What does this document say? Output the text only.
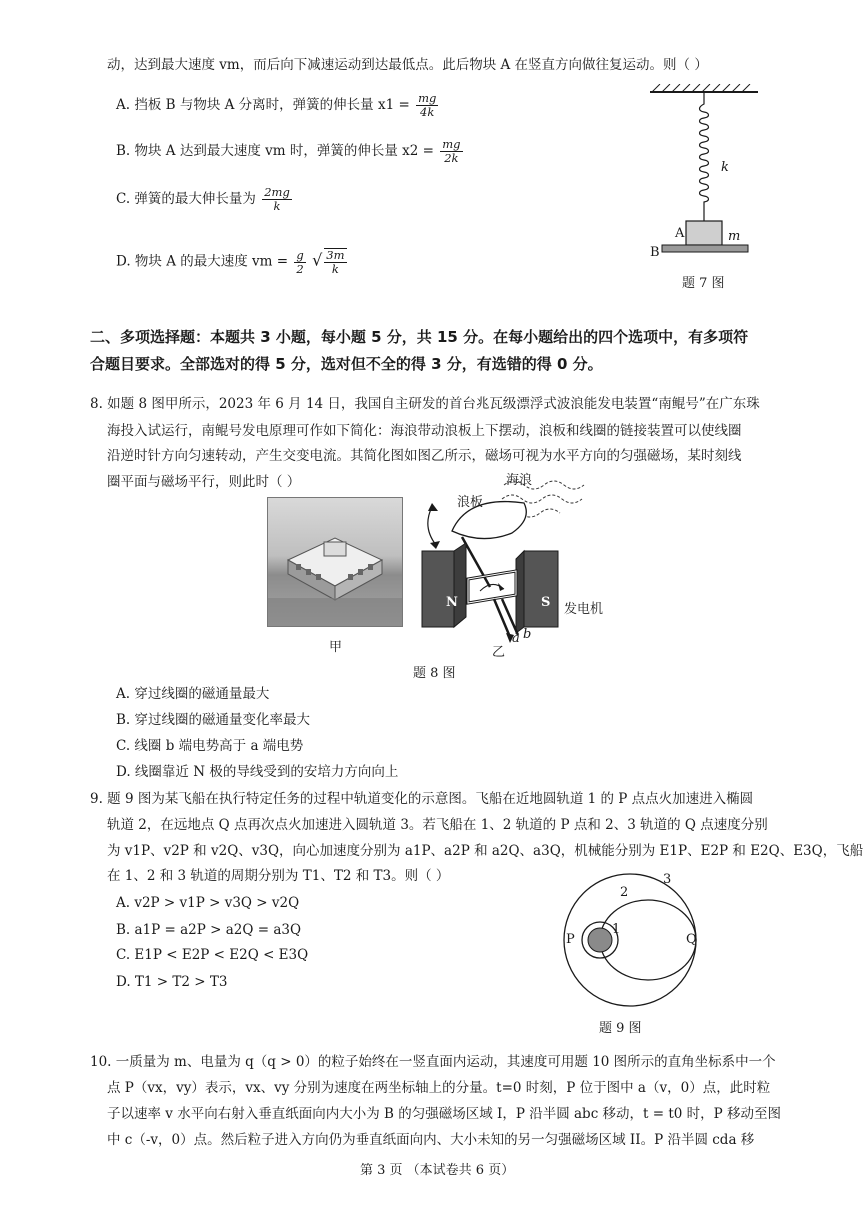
动，达到最大速度 vm，而后向下减速运动到达最低点。此后物块 A 在竖直方向做往复运动。则（ ）
A. 挡板 B 与物块 A 分离时，弹簧的伸长量 $x1 = \frac{mg}{4k}$
B. 物块 A 达到最大速度 vm 时，弹簧的伸长量 $x2 = \frac{mg}{2k}$
C. 弹簧的最大伸长量为 $\frac{2mg}{k}$
D. 物块 A 的最大速度 vm = $\frac{g}{2}$ √ $\frac{3m}{k}$
k
A	m
B
题 7 图
二、多项选择题：本题共 3 小题，每小题 5 分，共 15 分。在每小题给出的四个选项中，有多项符
合题目要求。全部选对的得 5 分，选对但不全的得 3 分，有选错的得 0 分。
8. 如题 8 图甲所示，2023 年 6 月 14 日，我国自主研发的首台兆瓦级漂浮式波浪能发电装置“南鲲号”在广东珠
海投入试运行，南鲲号发电原理可作如下简化：海浪带动浪板上下摆动，浪板和线圈的链接装置可以使线圈
沿逆时针方向匀速转动，产生交变电流。其简化图如图乙所示，磁场可视为水平方向的匀强磁场，某时刻线
圈平面与磁场平行，则此时（ ）	海浪
浪板
N	S 发电机
a b
甲	乙
题 8 图
A. 穿过线圈的磁通量最大
B. 穿过线圈的磁通量变化率最大
C. 线圈 b 端电势高于 a 端电势
D. 线圈靠近 N 极的导线受到的安培力方向向上
9. 题 9 图为某飞船在执行特定任务的过程中轨道变化的示意图。飞船在近地圆轨道 1 的 P 点点火加速进入椭圆
轨道 2，在远地点 Q 点再次点火加速进入圆轨道 3。若飞船在 1、2 轨道的 P 点和 2、3 轨道的 Q 点速度分别
为 v1P、v2P 和 v2Q、v3Q，向心加速度分别为 a1P、a2P 和 a2Q、a3Q，机械能分别为 E1P、E2P 和 E2Q、E3Q，飞船
在 1、2 和 3 轨道的周期分别为 T1、T2 和 T3。则（ ）
A. v2P > v1P > v3Q > v2Q
B. a1P = a2P > a2Q = a3Q
C. E1P < E2P < E2Q < E3Q
D. T1 > T2 > T3
3
2
1
P	Q
题 9 图
10. 一质量为 m、电量为 q（q > 0）的粒子始终在一竖直面内运动，其速度可用题 10 图所示的直角坐标系中一个
点 P（vx，vy）表示，vx、vy 分别为速度在两坐标轴上的分量。t=0 时刻，P 位于图中 a（v，0）点，此时粒
子以速率 v 水平向右射入垂直纸面向内大小为 B 的匀强磁场区域 I，P 沿半圆 abc 移动，t = t0 时，P 移动至图
中 c（-v，0）点。然后粒子进入方向仍为垂直纸面向内、大小未知的另一匀强磁场区域 II。P 沿半圆 cda 移
第 3 页 （本试卷共 6 页）
